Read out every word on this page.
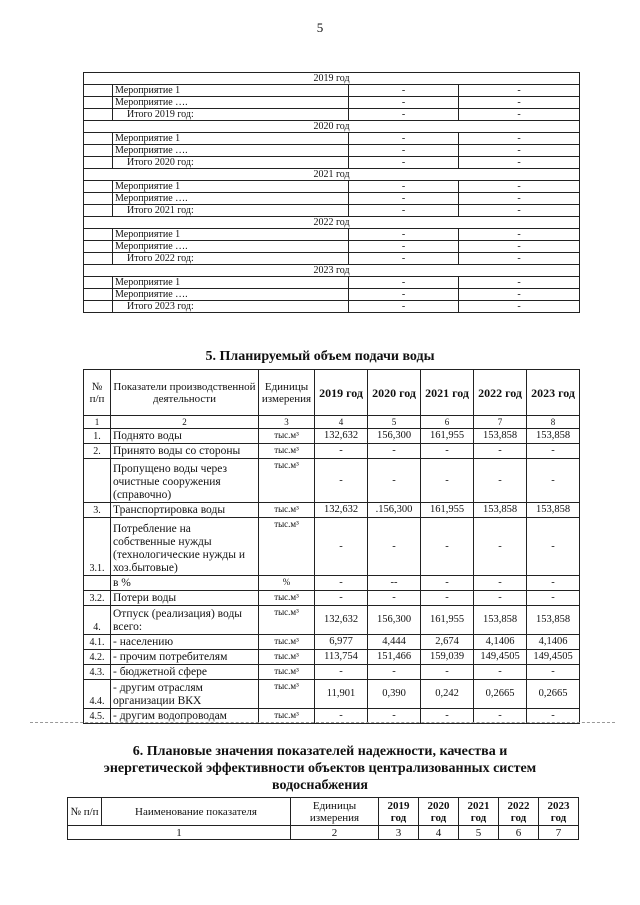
5
2019 год			
	Мероприятие 1	-	-
	Мероприятие ….	-	-
	Итого 2019 год:	-	-
2020 год			
	Мероприятие 1	-	-
	Мероприятие ….	-	-
	Итого 2020 год:	-	-
2021 год			
	Мероприятие 1	-	-
	Мероприятие ….	-	-
	Итого 2021 год:	-	-
2022 год			
	Мероприятие 1	-	-
	Мероприятие ….	-	-
	Итого 2022 год:	-	-
2023 год			
	Мероприятие 1	-	-
	Мероприятие ….	-	-
	Итого 2023 год:	-	-
5. Планируемый объем подачи воды
№ п/п	Показатели производственной деятельности	Единицы измерения	2019 год	2020 год	2021 год	2022 год	2023 год
1	2	3	4	5	6	7	8
1.	Поднято воды	тыс.м³	132,632	156,300	161,955	153,858	153,858
2.	Принято воды со стороны	тыс.м³	-	-	-	-	-
	Пропущено воды через очистные сооружения (справочно)	тыс.м³	-	-	-	-	-
3.	Транспортировка воды	тыс.м³	132,632	.156,300	161,955	153,858	153,858
3.1.	Потребление на собственные нужды (технологические нужды и хоз.бытовые)	тыс.м³	-	-	-	-	-
	в %	%	-	--	-	-	-
3.2.	Потери воды	тыс.м³	-	-	-	-	-
4.	Отпуск (реализация) воды всего:	тыс.м³	132,632	156,300	161,955	153,858	153,858
4.1.	- населению	тыс.м³	6,977	4,444	2,674	4,1406	4,1406
4.2.	- прочим потребителям	тыс.м³	113,754	151,466	159,039	149,4505	149,4505
4.3.	- бюджетной сфере	тыс.м³	-	-	-	-	-
4.4.	- другим отраслям организации ВКХ	тыс.м³	11,901	0,390	0,242	0,2665	0,2665
4.5.	- другим водопроводам	тыс.м³	-	-	-	-	-
6. Плановые значения показателей надежности, качества и
энергетической эффективности объектов централизованных систем
водоснабжения
№ п/п	Наименование показателя	Единицы измерения	2019 год	2020 год	2021 год	2022 год	2023 год
1		2	3	4	5	6	7
